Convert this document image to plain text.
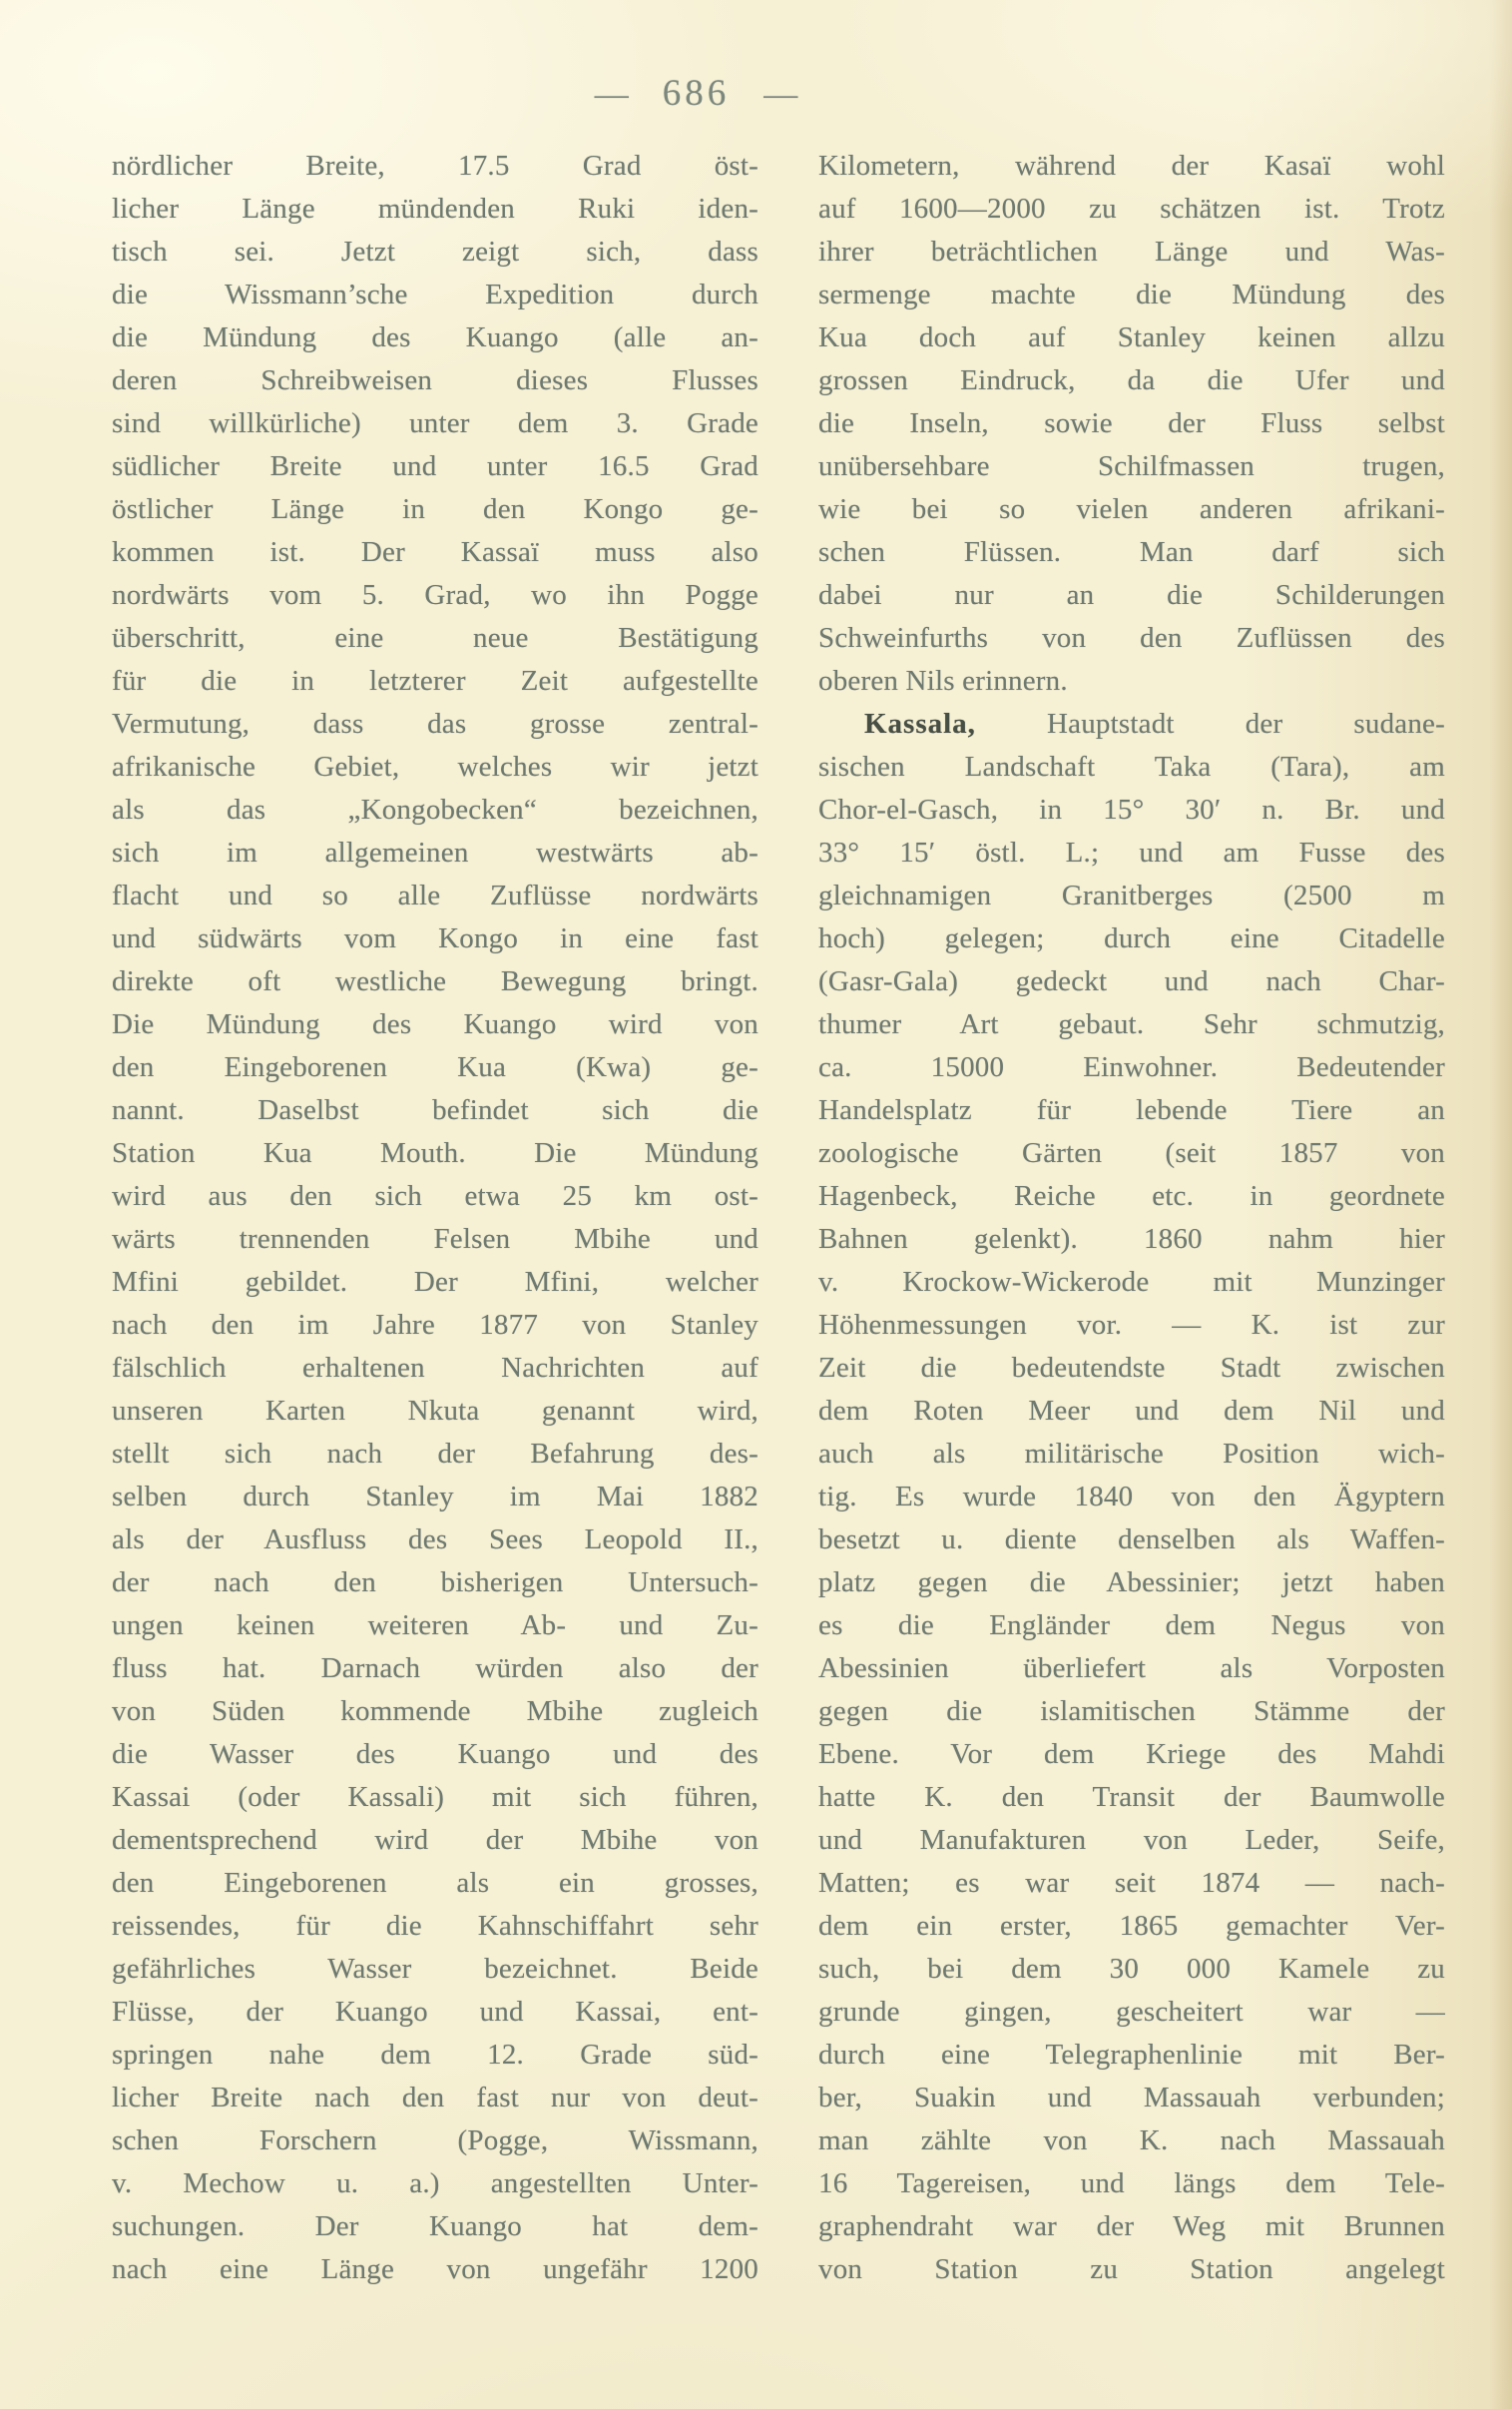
— 686 —
nördlicher Breite, 17.5 Grad öst-
licher Länge mündenden Ruki iden-
tisch sei. Jetzt zeigt sich, dass
die Wissmann’sche Expedition durch
die Mündung des Kuango (alle an-
deren Schreibweisen dieses Flusses
sind willkürliche) unter dem 3. Grade
südlicher Breite und unter 16.5 Grad
östlicher Länge in den Kongo ge-
kommen ist. Der Kassaï muss also
nordwärts vom 5. Grad, wo ihn Pogge
überschritt, eine neue Bestätigung
für die in letzterer Zeit aufgestellte
Vermutung, dass das grosse zentral-
afrikanische Gebiet, welches wir jetzt
als das „Kongobecken“ bezeichnen,
sich im allgemeinen westwärts ab-
flacht und so alle Zuflüsse nordwärts
und südwärts vom Kongo in eine fast
direkte oft westliche Bewegung bringt.
Die Mündung des Kuango wird von
den Eingeborenen Kua (Kwa) ge-
nannt. Daselbst befindet sich die
Station Kua Mouth. Die Mündung
wird aus den sich etwa 25 km ost-
wärts trennenden Felsen Mbihe und
Mfini gebildet. Der Mfini, welcher
nach den im Jahre 1877 von Stanley
fälschlich erhaltenen Nachrichten auf
unseren Karten Nkuta genannt wird,
stellt sich nach der Befahrung des-
selben durch Stanley im Mai 1882
als der Ausfluss des Sees Leopold II.,
der nach den bisherigen Untersuch-
ungen keinen weiteren Ab- und Zu-
fluss hat. Darnach würden also der
von Süden kommende Mbihe zugleich
die Wasser des Kuango und des
Kassai (oder Kassali) mit sich führen,
dementsprechend wird der Mbihe von
den Eingeborenen als ein grosses,
reissendes, für die Kahnschiffahrt sehr
gefährliches Wasser bezeichnet. Beide
Flüsse, der Kuango und Kassai, ent-
springen nahe dem 12. Grade süd-
licher Breite nach den fast nur von deut-
schen Forschern (Pogge, Wissmann,
v. Mechow u. a.) angestellten Unter-
suchungen. Der Kuango hat dem-
nach eine Länge von ungefähr 1200
Kilometern, während der Kasaï wohl
auf 1600—2000 zu schätzen ist. Trotz
ihrer beträchtlichen Länge und Was-
sermenge machte die Mündung des
Kua doch auf Stanley keinen allzu
grossen Eindruck, da die Ufer und
die Inseln, sowie der Fluss selbst
unübersehbare Schilfmassen trugen,
wie bei so vielen anderen afrikani-
schen Flüssen. Man darf sich
dabei nur an die Schilderungen
Schweinfurths von den Zuflüssen des
oberen Nils erinnern.
Kassala, Hauptstadt der sudane-
sischen Landschaft Taka (Tara), am
Chor-el-Gasch, in 15° 30′ n. Br. und
33° 15′ östl. L.; und am Fusse des
gleichnamigen Granitberges (2500 m
hoch) gelegen; durch eine Citadelle
(Gasr-Gala) gedeckt und nach Char-
thumer Art gebaut. Sehr schmutzig,
ca. 15000 Einwohner. Bedeutender
Handelsplatz für lebende Tiere an
zoologische Gärten (seit 1857 von
Hagenbeck, Reiche etc. in geordnete
Bahnen gelenkt). 1860 nahm hier
v. Krockow-Wickerode mit Munzinger
Höhenmessungen vor. — K. ist zur
Zeit die bedeutendste Stadt zwischen
dem Roten Meer und dem Nil und
auch als militärische Position wich-
tig. Es wurde 1840 von den Ägyptern
besetzt u. diente denselben als Waffen-
platz gegen die Abessinier; jetzt haben
es die Engländer dem Negus von
Abessinien überliefert als Vorposten
gegen die islamitischen Stämme der
Ebene. Vor dem Kriege des Mahdi
hatte K. den Transit der Baumwolle
und Manufakturen von Leder, Seife,
Matten; es war seit 1874 — nach-
dem ein erster, 1865 gemachter Ver-
such, bei dem 30 000 Kamele zu
grunde gingen, gescheitert war —
durch eine Telegraphenlinie mit Ber-
ber, Suakin und Massauah verbunden;
man zählte von K. nach Massauah
16 Tagereisen, und längs dem Tele-
graphendraht war der Weg mit Brunnen
von Station zu Station angelegt
